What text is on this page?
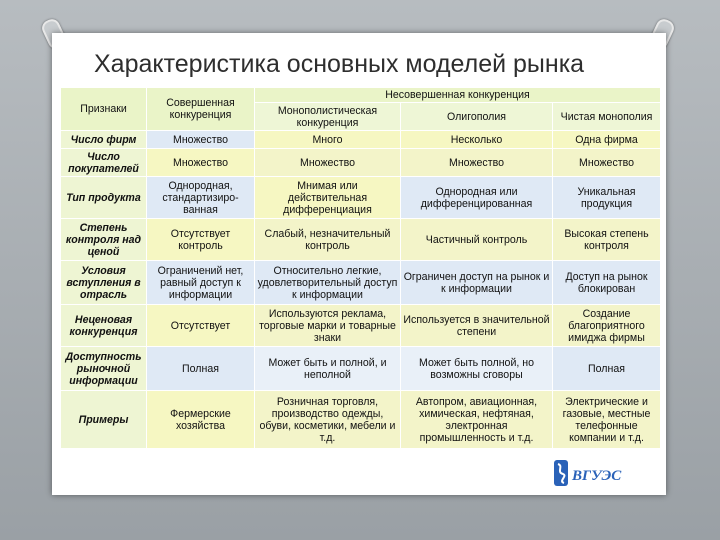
Характеристика основных моделей рынка
Признаки	Совершенная конкуренция	Несовершенная конкуренция		
		Монополистическая конкуренция	Олигополия	Чистая монополия
Число фирм	Множество	Много	Несколько	Одна фирма
Число покупателей	Множество	Множество	Множество	Множество
Тип продукта	Однородная, стандартизиро-ванная	Мнимая или действительная дифференциация	Однородная или дифференцированная	Уникальная продукция
Степень контроля над ценой	Отсутствует контроль	Слабый, незначительный контроль	Частичный контроль	Высокая степень контроля
Условия вступления в отрасль	Ограничений нет, равный доступ к информации	Относительно легкие, удовлетворительный доступ к информации	Ограничен доступ на рынок и к информации	Доступ на рынок блокирован
Неценовая конкуренция	Отсутствует	Используются реклама, торговые марки и товарные знаки	Используется в значительной степени	Создание благоприятного имиджа фирмы
Доступность рыночной информации	Полная	Может быть и полной, и неполной	Может быть полной, но возможны сговоры	Полная
Примеры	Фермерские хозяйства	Розничная торговля, производство одежды, обуви, косметики, мебели и т.д.	Автопром, авиационная, химическая, нефтяная, электронная промышленность и т.д.	Электрические и газовые, местные телефонные компании и т.д.
ВГУЭС
